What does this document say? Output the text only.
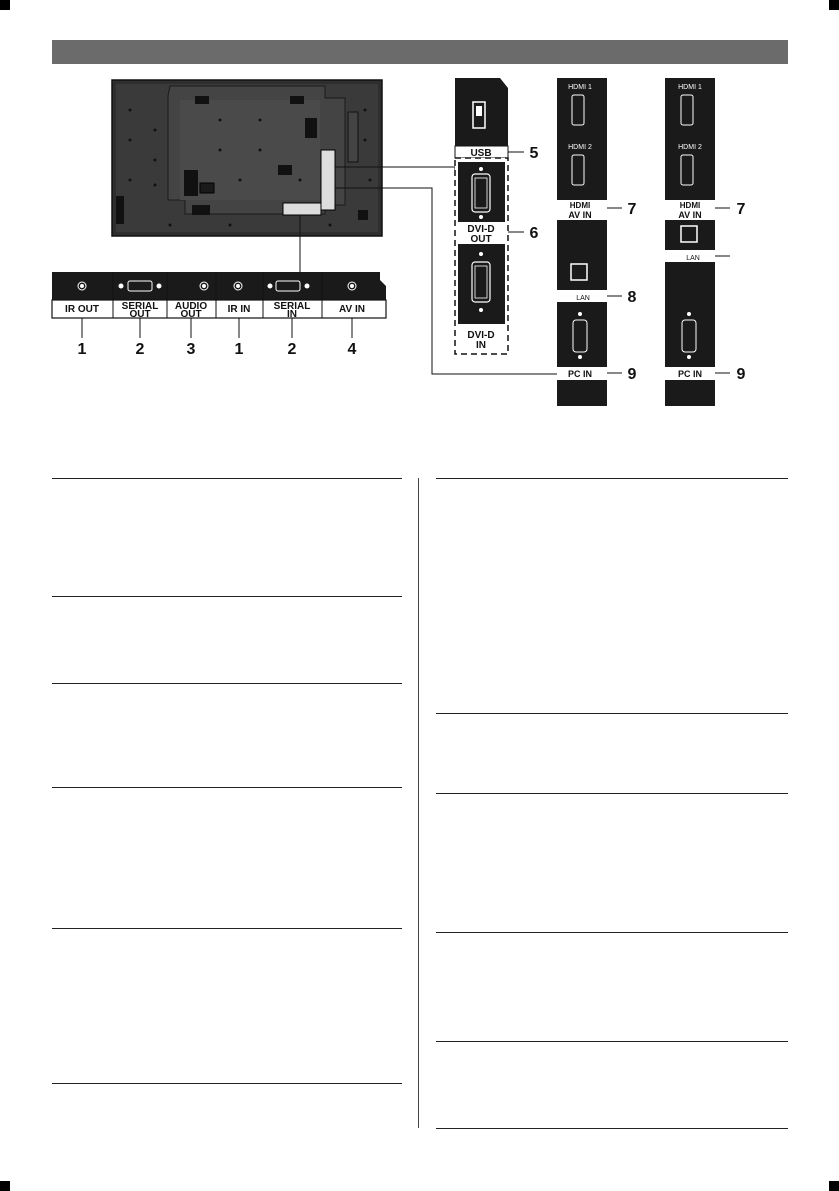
IR OUT SERIAL
OUT
AUDIO
OUT	IR IN SERIAL
IN	AV IN
1	2	3 1	2	4
USB
DVI-D
OUT
DVI-D
IN
5
6
HDMI 1
HDMI 2
HDMI
AV IN
LAN
PC IN
7
8
9
HDMI 1
HDMI 2
HDMI
AV IN
LAN
PC IN
7
9
